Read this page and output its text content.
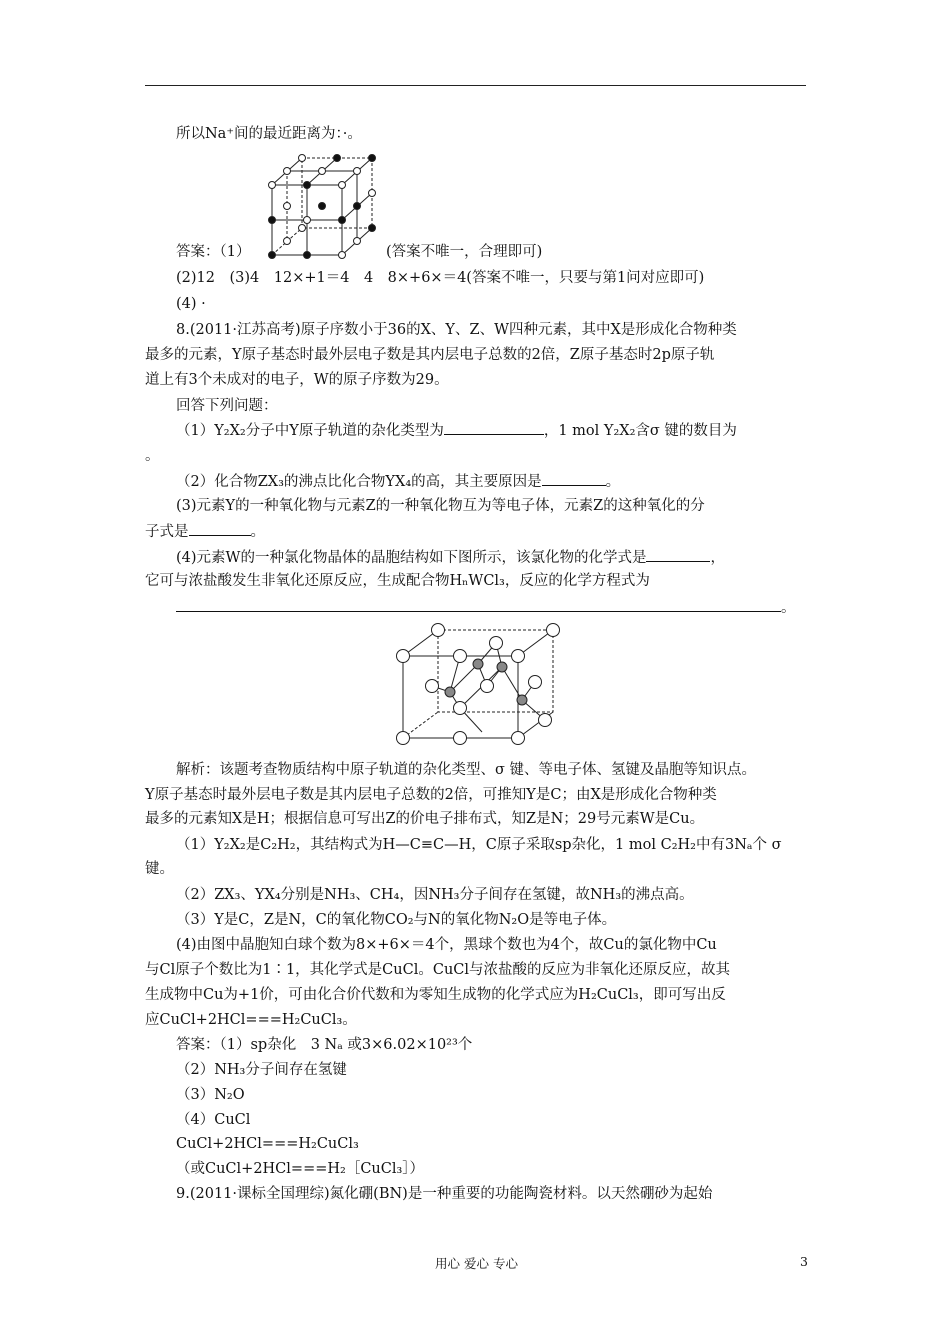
所以Na⁺间的最近距离为：·。
答案：（1）	(答案不唯一，合理即可)
(2)12　(3)4　12×+1＝4　4　8×+6×＝4(答案不唯一，只要与第1问对应即可)
(4) ·
8.(2011·江苏高考)原子序数小于36的X、Y、Z、W四种元素，其中X是形成化合物种类
最多的元素，Y原子基态时最外层电子数是其内层电子总数的2倍，Z原子基态时2p原子轨
道上有3个未成对的电子，W的原子序数为29。
回答下列问题：
（1）Y₂X₂分子中Y原子轨道的杂化类型为	，1 mol Y₂X₂含σ 键的数目为
。
（2）化合物ZX₃的沸点比化合物YX₄的高，其主要原因是	。
(3)元素Y的一种氧化物与元素Z的一种氧化物互为等电子体，元素Z的这种氧化的分
子式是	。
(4)元素W的一种氯化物晶体的晶胞结构如下图所示，该氯化物的化学式是	，
它可与浓盐酸发生非氧化还原反应，生成配合物HₙWCl₃，反应的化学方程式为
。
解析：该题考查物质结构中原子轨道的杂化类型、σ 键、等电子体、氢键及晶胞等知识点。
Y原子基态时最外层电子数是其内层电子总数的2倍，可推知Y是C；由X是形成化合物种类
最多的元素知X是H；根据信息可写出Z的价电子排布式，知Z是N；29号元素W是Cu。
（1）Y₂X₂是C₂H₂，其结构式为H—C≡C—H，C原子采取sp杂化，1 mol C₂H₂中有3Nₐ个 σ
键。
（2）ZX₃、YX₄分别是NH₃、CH₄，因NH₃分子间存在氢键，故NH₃的沸点高。
（3）Y是C，Z是N，C的氧化物CO₂与N的氧化物N₂O是等电子体。
(4)由图中晶胞知白球个数为8×+6×＝4个，黑球个数也为4个，故Cu的氯化物中Cu
与Cl原子个数比为1∶1，其化学式是CuCl。CuCl与浓盐酸的反应为非氧化还原反应，故其
生成物中Cu为+1价，可由化合价代数和为零知生成物的化学式应为H₂CuCl₃，即可写出反
应CuCl+2HCl===H₂CuCl₃。
答案：（1）sp杂化　3 Nₐ 或3×6.02×10²³个
（2）NH₃分子间存在氢键
（3）N₂O
（4）CuCl
CuCl+2HCl===H₂CuCl₃
（或CuCl+2HCl===H₂［CuCl₃］）
9.(2011·课标全国理综)氮化硼(BN)是一种重要的功能陶瓷材料。以天然硼砂为起始
用心 爱心 专心	3
